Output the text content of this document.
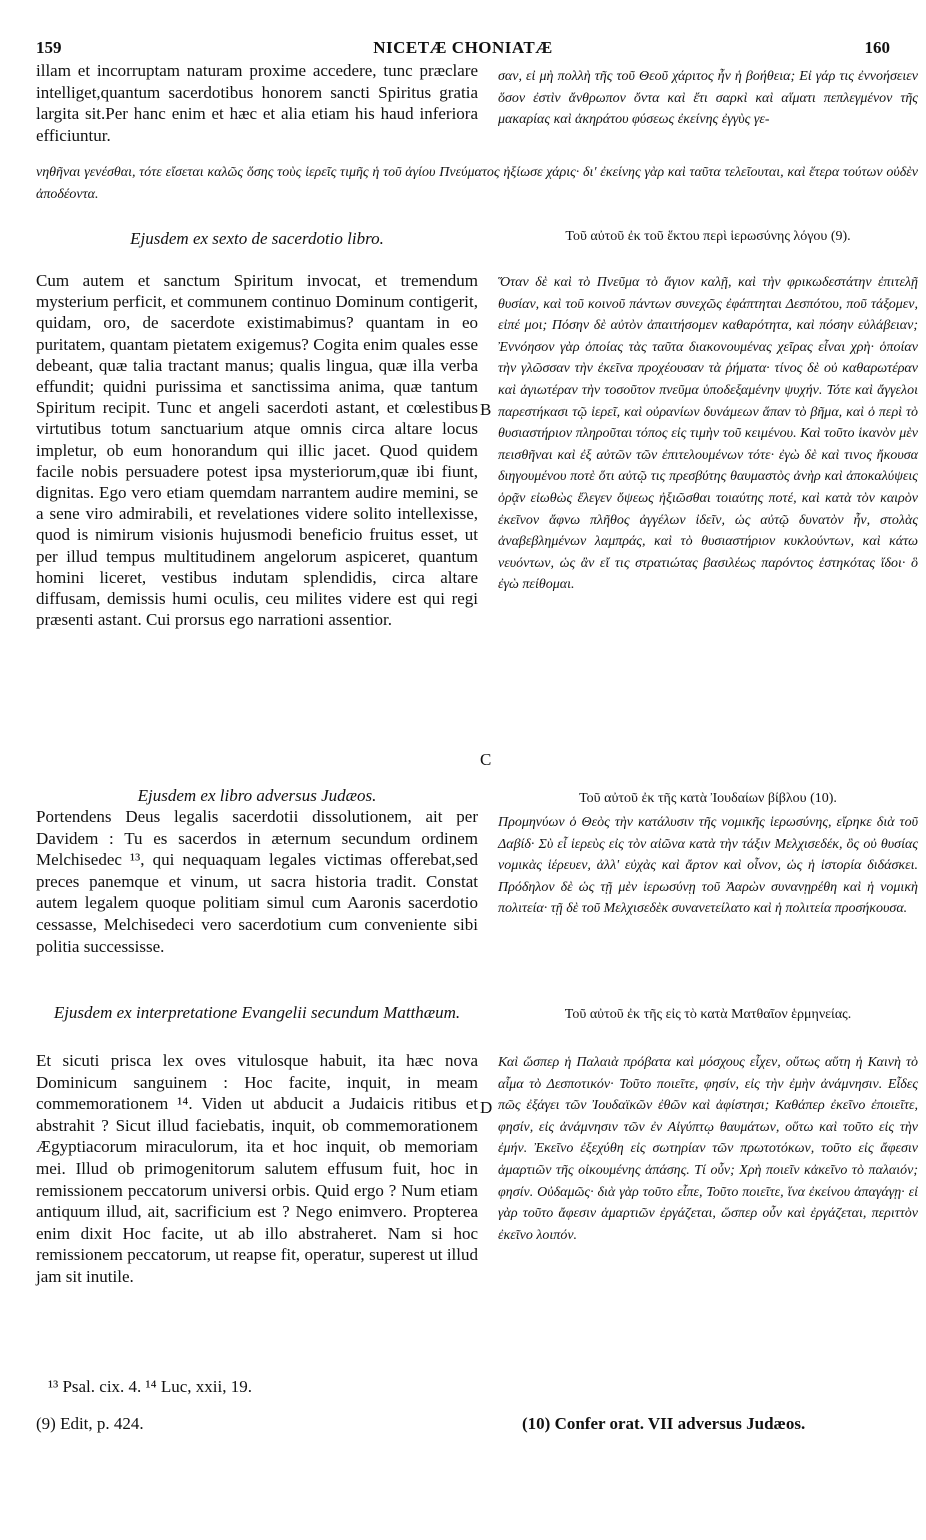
159	NICETÆ CHONIATÆ	160

illam et incorruptam naturam proxime accedere, tunc præclare intelliget,quantum sacerdotibus honorem sancti Spiritus gratia largita sit.Per hanc enim et hæc et alia etiam his haud inferiora efficiuntur.

σαν, εἰ μὴ πολλὴ τῆς τοῦ Θεοῦ χάριτος ἦν ἡ βοήθεια; Εἰ γάρ τις ἐννοήσειεν ὅσον ἐστὶν ἄνθρωπον ὄντα καὶ ἔτι σαρκὶ καὶ αἵματι πεπλεγμένον τῆς μακαρίας καὶ ἀκηράτου φύσεως ἐκείνης ἐγγὺς γε-

νηθῆναι γενέσθαι, τότε εἴσεται καλῶς ὅσης τοὺς ἱερεῖς τιμῆς ἡ τοῦ ἁγίου Πνεύματος ἠξίωσε χάρις· δι' ἐκείνης γὰρ καὶ ταῦτα τελεῖουται, καὶ ἕτερα τούτων οὐδὲν ἀποδέοντα.

Ejusdem ex sexto de sacerdotio libro.	Τοῦ αὐτοῦ ἐκ τοῦ ἕκτου περὶ ἱερωσύνης λόγου (9).

Cum autem et sanctum Spiritum invocat, et tremendum mysterium perficit, et communem continuo Dominum contigerit, quidam, oro, de sacerdote existimabimus? quantam in eo puritatem, quantam pietatem exigemus? Cogita enim quales esse debeant, quæ talia tractant manus; qualis lingua, quæ illa verba effundit; quidni purissima et sanctissima anima, quæ tantum Spiritum recipit. Tunc et angeli sacerdoti astant, et cœlestibus virtutibus totum sanctuarium atque omnis circa altare locus impletur, ob eum honorandum qui illic jacet. Quod quidem facile nobis persuadere potest ipsa mysteriorum,quæ ibi fiunt, dignitas. Ego vero etiam quemdam narrantem audire memini, se a sene viro admirabili, et revelationes videre solito intellexisse, quod is nimirum visionis hujusmodi beneficio fruitus esset, ut per illud tempus multitudinem angelorum aspiceret, quantum homini liceret, vestibus indutam splendidis, circa altare diffusam, demissis humi oculis, ceu milites videre est qui regi præsenti astant. Cui prorsus ego narrationi assentior.

Ὅταν δὲ καὶ τὸ Πνεῦμα τὸ ἅγιον καλῇ, καὶ τὴν φρικωδεστάτην ἐπιτελῇ θυσίαν, καὶ τοῦ κοινοῦ πάντων συνεχῶς ἐφάπτηται Δεσπότου, ποῦ τάξομεν, εἰπέ μοι; Πόσην δὲ αὐτὸν ἀπαιτήσομεν καθαρότητα, καὶ πόσην εὐλάβειαν; Ἐννόησον γὰρ ὁποίας τὰς ταῦτα διακονουμένας χεῖρας εἶναι χρὴ· ὁποίαν τὴν γλῶσσαν τὴν ἐκεῖνα προχέουσαν τὰ ῥήματα· τίνος δὲ οὐ καθαρωτέραν καὶ ἁγιωτέραν τὴν τοσοῦτον πνεῦμα ὑποδεξαμένην ψυχήν. Τότε καὶ ἄγγελοι παρεστήκασι τῷ ἱερεῖ, καὶ οὐρανίων δυνάμεων ἅπαν τὸ βῆμα, καὶ ὁ περὶ τὸ θυσιαστήριον πληροῦται τόπος εἰς τιμὴν τοῦ κειμένου. Καὶ τοῦτο ἱκανὸν μὲν πεισθῆναι καὶ ἐξ αὐτῶν τῶν ἐπιτελουμένων τότε· ἐγὼ δὲ καὶ τινος ἤκουσα διηγουμένου ποτὲ ὅτι αὐτῷ τις πρεσβύτης θαυμαστὸς ἀνὴρ καὶ ἀποκαλύψεις ὁρᾷν εἰωθὼς ἔλεγεν ὄψεως ἠξιῶσθαι τοιαύτης ποτέ, καὶ κατὰ τὸν καιρὸν ἐκεῖνον ἄφνω πλῆθος ἀγγέλων ἰδεῖν, ὡς αὐτῷ δυνατὸν ἦν, στολὰς ἀναβεβλημένων λαμπράς, καὶ τὸ θυσιαστήριον κυκλούντων, καὶ κάτω νευόντων, ὡς ἂν εἴ τις στρατιώτας βασιλέως παρόντος ἑστηκότας ἴδοι· ὃ ἐγὼ πείθομαι.

Ejusdem ex libro adversus Judæos.	Τοῦ αὐτοῦ ἐκ τῆς κατὰ Ἰουδαίων βίβλου (10).

Portendens Deus legalis sacerdotii dissolutionem, ait per Davidem : Tu es sacerdos in æternum secundum ordinem Melchisedec ¹³, qui nequaquam legales victimas offerebat,sed preces panemque et vinum, ut sacra historia tradit. Constat autem legalem quoque politiam simul cum Aaronis sacerdotio cessasse, Melchisedeci vero sacerdotium cum conveniente sibi politia successisse.

Προμηνύων ὁ Θεὸς τὴν κατάλυσιν τῆς νομικῆς ἱερωσύνης, εἴρηκε διὰ τοῦ Δαβίδ· Σὺ εἶ ἱερεὺς εἰς τὸν αἰῶνα κατὰ τὴν τάξιν Μελχισεδέκ, ὃς οὐ θυσίας νομικὰς ἱέρευεν, ἀλλ' εὐχὰς καὶ ἄρτον καὶ οἶνον, ὡς ἡ ἱστορία διδάσκει. Πρόδηλον δὲ ὡς τῇ μὲν ἱερωσύνῃ τοῦ Ἀαρὼν συνανῃρέθη καὶ ἡ νομικὴ πολιτεία· τῇ δὲ τοῦ Μελχισεδὲκ συνανετείλατο καὶ ἡ πολιτεία προσήκουσα.

Ejusdem ex interpretatione Evangelii secundum Matthæum.	Τοῦ αὐτοῦ ἐκ τῆς εἰς τὸ κατὰ Ματθαῖον ἑρμηνείας.

Et sicuti prisca lex oves vitulosque habuit, ita hæc nova Dominicum sanguinem : Hoc facite, inquit, in meam commemorationem ¹⁴. Viden ut abducit a Judaicis ritibus et abstrahit ? Sicut illud faciebatis, inquit, ob commemorationem Ægyptiacorum miraculorum, ita et hoc inquit, ob memoriam mei. Illud ob primogenitorum salutem effusum fuit, hoc in remissionem peccatorum universi orbis. Quid ergo ? Num etiam antiquum illud, ait, sacrificium est ? Nego enimvero. Propterea enim dixit Hoc facite, ut ab illo abstraheret. Nam si hoc remissionem peccatorum, ut reapse fit, operatur, superest ut illud jam sit inutile.

Καὶ ὥσπερ ἡ Παλαιὰ πρόβατα καὶ μόσχους εἶχεν, οὕτως αὕτη ἡ Καινὴ τὸ αἷμα τὸ Δεσποτικόν· Τοῦτο ποιεῖτε, φησίν, εἰς τὴν ἐμὴν ἀνάμνησιν. Εἶδες πῶς ἐξάγει τῶν Ἰουδαϊκῶν ἐθῶν καὶ ἀφίστησι; Καθάπερ ἐκεῖνο ἐποιεῖτε, φησίν, εἰς ἀνάμνησιν τῶν ἐν Αἰγύπτῳ θαυμάτων, οὕτω καὶ τοῦτο εἰς τὴν ἐμήν. Ἐκεῖνο ἐξεχύθη εἰς σωτηρίαν τῶν πρωτοτόκων, τοῦτο εἰς ἄφεσιν ἁμαρτιῶν τῆς οἰκουμένης ἁπάσης. Τί οὖν; Χρὴ ποιεῖν κἀκεῖνο τὸ παλαιόν; φησίν. Οὐδαμῶς· διὰ γὰρ τοῦτο εἶπε, Τοῦτο ποιεῖτε, ἵνα ἐκείνου ἀπαγάγῃ· εἰ γὰρ τοῦτο ἄφεσιν ἁμαρτιῶν ἐργάζεται, ὥσπερ οὖν καὶ ἐργάζεται, περιττὸν ἐκεῖνο λοιπόν.

B
C
D
¹³ Psal. cix. 4. ¹⁴ Luc, xxii, 19.
(9) Edit, p. 424.	(10) Confer orat. VII adversus Judæos.
